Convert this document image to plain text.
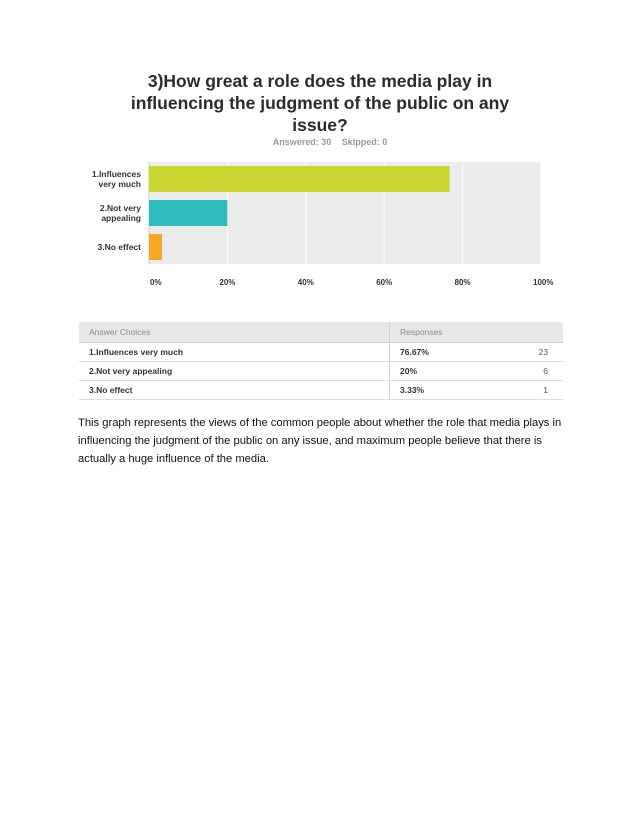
3)How great a role does the media play in influencing the judgment of the public on any issue?
Answered: 30 Skipped: 0
0%	20%	40%	60%	80%	100%
1.Influences
very much
2.Not very
appealing
3.No effect
Answer Choices	Responses	
1.Influences very much	76.67%	23
2.Not very appealing	20%	6
3.No effect	3.33%	1
This graph represents the views of the common people about whether the role that media plays in influencing the judgment of the public on any issue, and maximum people believe that there is actually a huge influence of the media.
